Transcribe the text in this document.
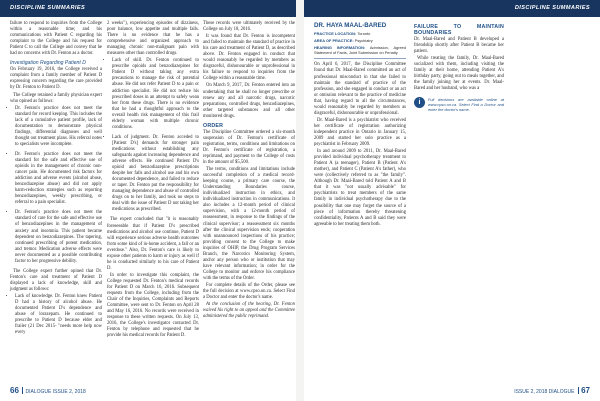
DISCIPLINE SUMMARIES	DISCIPLINE SUMMARIES

failure to respond to inquiries from the College within a reasonable time; and his communications with Patient C regarding his complaint to the College and his request for Patient C to call the College and convey that he had no concerns with Dr. Fenton as a doctor.

Investigation Regarding Patient D

On February 19, 2016, the College received a complaint from a family member of Patient D expressing concern regarding the care provided by Dr. Fenton to Patient D.

The College retained a family physician expert who opined as follows:

• Dr. Fenton's practice does not meet the standard for record keeping. This includes the lack of a cumulative patient profile, lack of documentation to demonstrate physical findings, differential diagnoses and well thought out treatment plans. His referral notes to specialists were incomplete.
• Dr. Fenton's practice does not meet the standard for the safe and effective use of opioids in the management of chronic non-cancer pain. He documented risk factors for addiction and adverse events (alcohol abuse, benzodiazepine abuse) and did not apply harm-reduction strategies such as reporting benzodiazepines, weekly prescribing, or referral to a pain specialist.
• Dr. Fenton's practice does not meet the standard of care for the safe and effective use of benzodiazepines in the management of anxiety and insomnia. This patient became dependent on benzodiazepines. The tapering, continued prescribing of potent medication, and tremor. Medication adverse effects were never documented as a possible contributing factor to her progressive debility.

The College expert further opined that Dr. Fenton's care and treatment of Patient D displayed a lack of knowledge, skill and judgment as follows:

• Lack of knowledge. Dr. Fenton knew Patient D had a history of alcohol abuse. He documented Patient D's dependence and abuse of lorazepam. He continued to prescribe to Patient D because elder and frailer (21 Dec 2015- "needs more help now every

2 weeks"), experiencing episodes of dizziness, poor balance, low appetite and multiple falls. There is no evidence that he has a comprehensive and organized approach to managing chronic non-malignant pain with measures other than controlled drugs.

• Lack of skill. Dr. Fenton continued to prescribe opioids and benzodiazepines for Patient D without taking any extra precautions to manage the risk of potential abuse. He did not refer Patient D to a pain or addiction specialist. He did not reduce his prescribed doses in an attempt to safely wean her from these drugs. There is no evidence that he had a thoughtful approach to the overall health risk management of this frail elderly woman with multiple chronic conditions.
• Lack of judgment. Dr. Fenton acceded to [Patient D's] demands for stronger pain medications without establishing any safeguards against increasing dependence and adverse effects. He continued Patient D's opioid and benzodiazepine prescriptions despite her falls and alcohol use and his own documented dependence, and failed to reduce or taper. Dr. Fenton put the responsibility for managing dependence and abuse of controlled drugs on to her family, and took no steps to deal with the issue of Patient D not taking her medications as prescribed.

The expert concluded that "it is reasonably foreseeable that if Patient D's prescribed medications and alcohol use continue, Patient D will experience serious adverse health outcomes from some kind of in-home accident, a fall or an overdose." Also, Dr. Fenton's care is likely to expose other patients to harm or injury as well if he is conducted similarly to his care of Patient D.

In order to investigate this complaint, the College requested Dr. Fenton's medical records for Patient D on March 16, 2016. Subsequent requests from the College, including from the Chair of the Inquiries, Complaints and Reports Committee, were sent to Dr. Fenton on April 28 and May 16, 2016. No records were received in response to these written requests. On July 13, 2016, the College's investigator contacted Dr. Fenton by telephone and requested that he provide his medical records for Patient D.

These records were ultimately received by the College on July 18, 2016.

It was found that Dr. Fenton is incompetent and failed to maintain the standard of practice in his care and treatment of Patient D, as described above. Dr. Fenton engaged in conduct that would reasonably be regarded by members as disgraceful, dishonourable or unprofessional in his failure to respond to inquiries from the College within a reasonable time.

On March 9, 2017, Dr. Fenton entered into an undertaking that he shall no longer prescribe or renew any and all narcotic drugs, narcotic preparations, controlled drugs, benzodiazepines, other targeted substances and all other monitored drugs.

ORDER

The Discipline Committee ordered a six-month suspension of Dr. Fenton's certificate of registration, terms, conditions and limitations on Dr. Fenton's certificate of registration, a reprimand, and payment to the College of costs in the amount of $5,500.

The terms, conditions and limitations include successful completion of a medical record-keeping course, a primary care course, the Understanding Boundaries course, individualized instruction in ethics, and individualized instruction in communications. It also includes a 12-month period of clinical supervision, with a 12-month period of reassessment, in response to the findings of the clinical supervisor; a reassessment six months after the clinical supervision ends; cooperation with unannounced inspections of his practice; providing consent to the College to make inquiries of OHIP, the Drug Program Services Branch, the Narcotics Monitoring System, and/or any person who or institution that may have relevant information; in order for the College to monitor and enforce his compliance with the terms of the Order.

For complete details of the Order, please see the full decision at www.cpso.on.ca. Select Find a Doctor and enter the doctor's name.

At the conclusion of the hearing, Dr. Fenton waived his right to an appeal and the Committee administered the public reprimand.

DR. HAYA MAAL-BARED
PRACTICE LOCATION: Toronto
AREA OF PRACTICE: Psychiatry
HEARING INFORMATION: Admission, Agreed Statement of Facts, Joint Submission on Penalty

On April 6, 2017, the Discipline Committee found that Dr. Maal-Bared committed an act of professional misconduct in that she failed to maintain the standard of practice of the profession, and she engaged in conduct or an act or omission relevant to the practice of medicine that, having regard to all the circumstances, would reasonably be regarded by members as disgraceful, dishonourable or unprofessional.

Dr. Maal-Bared is a psychiatrist who received her certificate of registration authorizing independent practice in Ontario in January 15, 2009 and started her solo practice as a psychiatrist in February 2009.

In and around 2009 to 2011, Dr. Maal-Bared provided individual psychotherapy treatment to Patient A (a teenager), Patient B (Patient A's mother), and Patient C (Patient A's father), who were (collectively referred to as "the family". Although Dr. Maal-Bared told Patient A and B that it was "not usually advisable" for psychiatrists to treat members of the same family in individual psychotherapy due to the possibility that one may forget the source of a piece of information thereby threatening confidentiality, Patients A and B said they were agreeable to her treating them both.

FAILURE TO MAINTAIN BOUNDARIES

Dr. Maal-Bared and Patient B developed a friendship shortly after Patient B became her patient.

While treating the family, Dr. Maal-Bared socialized with them, including visiting the family at their home, attending Patient A's birthday party, going out to meals together, and the family joining her at events. Dr. Maal-Bared and her husband, who was a

i	Full decisions are available online at www.cpso.on.ca. Select Find a Doctor and enter the doctor's name.
66 DIALOGUE ISSUE 2, 2018	ISSUE 2, 2018 DIALOGUE 67
